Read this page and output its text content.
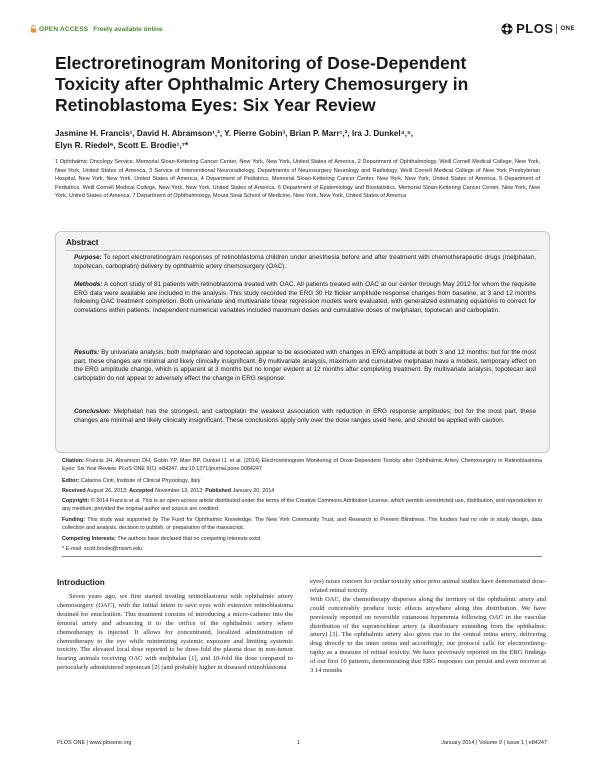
OPEN ACCESS Freely available online	PLOS ONE
Electroretinogram Monitoring of Dose-Dependent Toxicity after Ophthalmic Artery Chemosurgery in Retinoblastoma Eyes: Six Year Review
Jasmine H. Francis¹, David H. Abramson¹,², Y. Pierre Gobin³, Brian P. Marr¹,², Ira J. Dunkel⁴,⁵,
Elyn R. Riedel⁶, Scott E. Brodie¹,⁷*
1 Ophthalmic Oncology Service, Memorial Sloan-Kettering Cancer Center, New York, New York, United States of America, 2 Department of Ophthalmology, Weill Cornell Medical College, New York, New York, United States of America, 3 Service of Interventional Neuroradiology, Departments of Neurosurgery Neurology and Radiology, Weill Cornell Medical College of New York Presbyterian Hospital, New York, New York, United States of America, 4 Department of Pediatrics, Memorial Sloan-Kettering Cancer Center, New York, New York, United States of America, 5 Department of Pediatrics, Weill Cornell Medical College, New York, New York, United States of America, 6 Department of Epidemiology and Biostatistics, Memorial Sloan-Kettering Cancer Center, New York, New York, United States of America, 7 Department of Ophthalmology, Mount Sinai School of Medicine, New York, New York, United States of America
Abstract
Purpose: To report electroretinogram responses of retinoblastoma children under anesthesia before and after treatment with chemotherapeutic drugs (melphalan, topotecan, carboplatin) delivery by ophthalmic artery chemosurgery (OAC).
Methods: A cohort study of 81 patients with retinoblastoma treated with OAC. All patients treated with OAC at our center through May 2012 for whom the requisite ERG data were available are included in the analysis. This study recorded the ERG 30 Hz flicker amplitude response changes from baseline, at 3 and 12 months following OAC treatment completion. Both univariate and multivariate linear regression models were evaluated, with generalized estimating equations to correct for correlations within patients. Independent numerical variables included maximum doses and cumulative doses of melphalan, topotecan and carboplatin.
Results: By univariate analysis, both melphalan and topotecan appear to be associated with changes in ERG amplitude at both 3 and 12 months; but for the most part, these changes are minimal and likely clinically insignificant. By multivariate analysis, maximum and cumulative melphalan have a modest, temporary effect on the ERG amplitude change, which is apparent at 3 months but no longer evident at 12 months after completing treatment. By multivariate analysis, topotecan and carboplatin do not appear to adversely effect the change in ERG response.
Conclusion: Melphalan has the strongest, and carboplatin the weakest association with reduction in ERG response amplitudes; but for the most part, these changes are minimal and likely clinically insignificant. These conclusions apply only over the dose ranges used here, and should be applied with caution.
Citation: Francis JH, Abramson DH, Gobin YP, Marr BP, Dunkel IJ, et al. (2014) Electroretinogram Monitoring of Dose-Dependent Toxicity after Ophthalmic Artery Chemosurgery in Retinoblastoma Eyes: Six Year Review. PLoS ONE 9(1): e84247. doi:10.1371/journal.pone.0084247
Editor: Catarina Cinti, Institute of Clinical Physiology, Italy
Received August 26, 2013; Accepted November 13, 2013; Published January 20, 2014
Copyright: © 2014 Francis et al. This is an open-access article distributed under the terms of the Creative Commons Attribution License, which permits unrestricted use, distribution, and reproduction in any medium, provided the original author and source are credited.
Funding: This study was supported by The Fund for Ophthalmic Knowledge, The New York Community Trust, and Research to Prevent Blindness. The funders had no role in study design, data collection and analysis, decision to publish, or preparation of the manuscript.
Competing Interests: The authors have declared that no competing interests exist.
* E-mail: scott.brodie@mssm.edu
Introduction
Seven years ago, we first started treating retinoblastoma with ophthalmic artery chemosurgery (OAC), with the initial intent to save eyes with extensive retinoblastoma destined for enucleation. This treatment consists of introducing a micro-catheter into the femoral artery and advancing it to the orifice of the ophthalmic artery where chemotherapy is injected. It allows for concentrated, localized administration of chemotherapy to the eye while minimizing systemic exposure and limiting systemic toxicity. The elevated local dose reported to be three-fold the plasma dose in non-tumor bearing animals receiving OAC with melphalan [1], and 10-fold the dose compared to periocularly administered topotecan [2] (and probably higher in diseased retinoblastoma
eyes) raises concern for ocular toxicity since prior animal studies have demonstrated dose-related retinal toxicity.
With OAC, the chemotherapy disperses along the territory of the ophthalmic artery and could conceivably produce toxic effects anywhere along this distribution. We have previously reported on reversible cutaneous hyperemia following OAC in the vascular distribution of the supratrochlear artery (a distributary extending from the ophthalmic artery) [3]. The ophthalmic artery also gives rise to the central retina artery, delivering drug directly to the inner retina and accordingly, our protocol calls for electroretinog-raphy as a measure of retinal toxicity. We have previously reported on the ERG findings of our first 10 patients, demonstrating that ERG responses can persist and even recover at 3 14 months
PLOS ONE | www.plosone.org	1	January 2014 | Volume 9 | Issue 1 | e84247
